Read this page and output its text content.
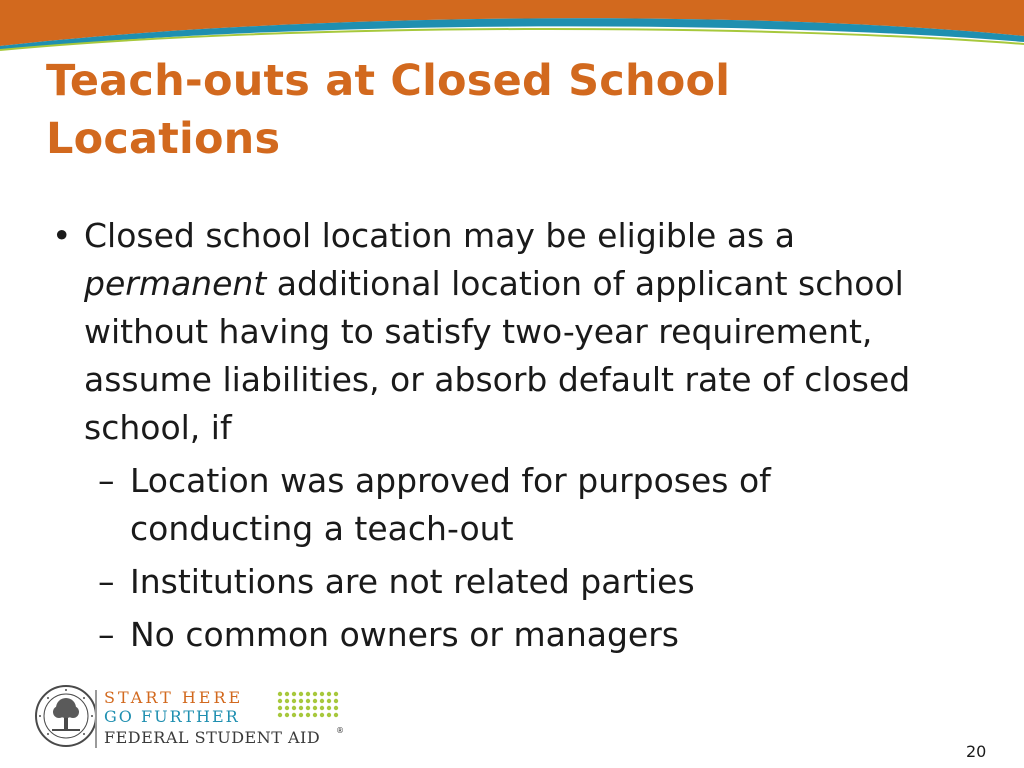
Teach-outs at Closed School Locations
• Closed school location may be eligible as a permanent additional location of applicant school without having to satisfy two-year requirement, assume liabilities, or absorb default rate of closed school, if
– Location was approved for purposes of conducting a teach-out
– Institutions are not related parties
– No common owners or managers
START HERE
GO FURTHER
FEDERAL STUDENT AID ®
20
